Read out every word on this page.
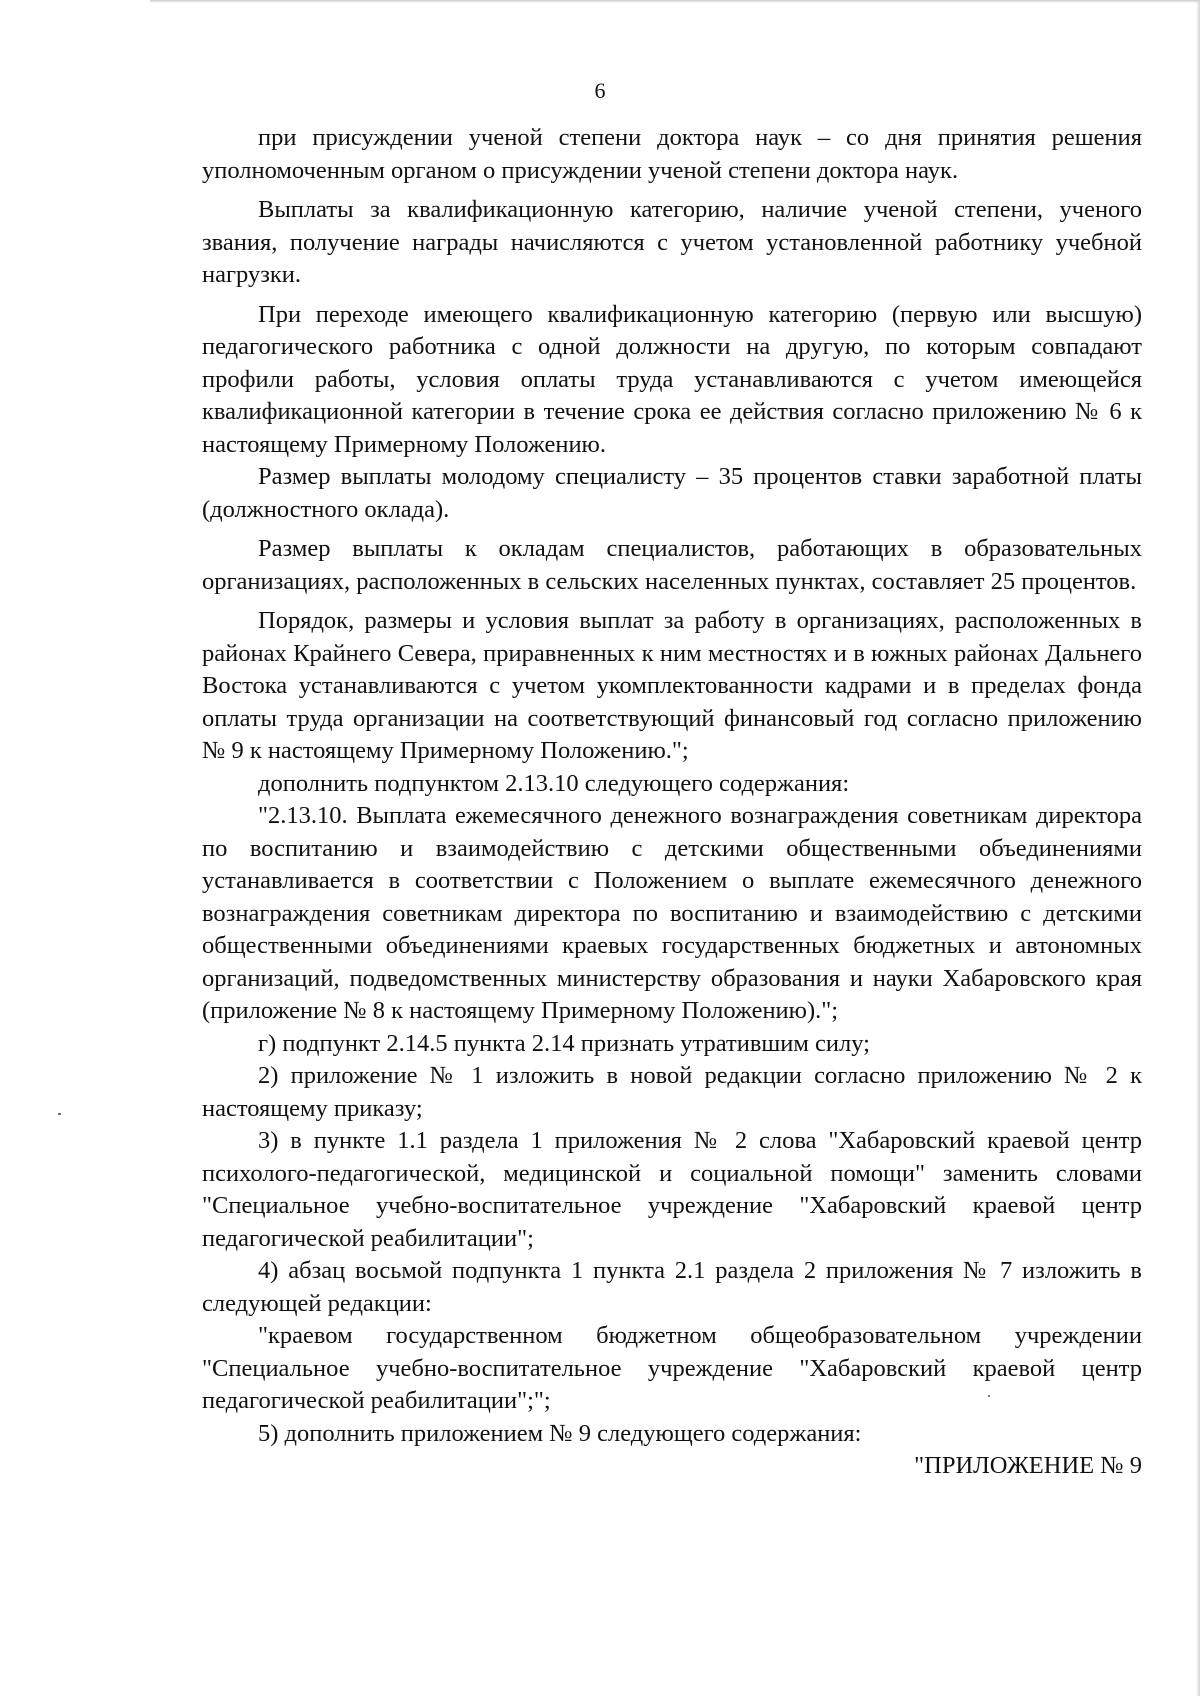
6

при присуждении ученой степени доктора наук – со дня принятия решения уполномоченным органом о присуждении ученой степени доктора наук.

Выплаты за квалификационную категорию, наличие ученой степени, ученого звания, получение награды начисляются с учетом установленной работнику учебной нагрузки.

При переходе имеющего квалификационную категорию (первую или высшую) педагогического работника с одной должности на другую, по которым совпадают профили работы, условия оплаты труда устанавливаются с учетом имеющейся квалификационной категории в течение срока ее действия согласно приложению № 6 к настоящему Примерному Положению.

Размер выплаты молодому специалисту – 35 процентов ставки заработной платы (должностного оклада).

Размер выплаты к окладам специалистов, работающих в образовательных организациях, расположенных в сельских населенных пунктах, составляет 25 процентов.

Порядок, размеры и условия выплат за работу в организациях, расположенных в районах Крайнего Севера, приравненных к ним местностях и в южных районах Дальнего Востока устанавливаются с учетом укомплектованности кадрами и в пределах фонда оплаты труда организации на соответствующий финансовый год согласно приложению № 9 к настоящему Примерному Положению.";

дополнить подпунктом 2.13.10 следующего содержания:

"2.13.10. Выплата ежемесячного денежного вознаграждения советникам директора по воспитанию и взаимодействию с детскими общественными объединениями устанавливается в соответствии с Положением о выплате ежемесячного денежного вознаграждения советникам директора по воспитанию и взаимодействию с детскими общественными объединениями краевых государственных бюджетных и автономных организаций, подведомственных министерству образования и науки Хабаровского края (приложение № 8 к настоящему Примерному Положению).";

г) подпункт 2.14.5 пункта 2.14 признать утратившим силу;

2) приложение № 1 изложить в новой редакции согласно приложению № 2 к настоящему приказу;

3) в пункте 1.1 раздела 1 приложения № 2 слова "Хабаровский краевой центр психолого-педагогической, медицинской и социальной помощи" заменить словами "Специальное учебно-воспитательное учреждение "Хабаровский краевой центр педагогической реабилитации";

4) абзац восьмой подпункта 1 пункта 2.1 раздела 2 приложения № 7 изложить в следующей редакции:

"краевом государственном бюджетном общеобразовательном учреждении "Специальное учебно-воспитательное учреждение "Хабаровский краевой центр педагогической реабилитации";";

5) дополнить приложением № 9 следующего содержания:

"ПРИЛОЖЕНИЕ № 9
